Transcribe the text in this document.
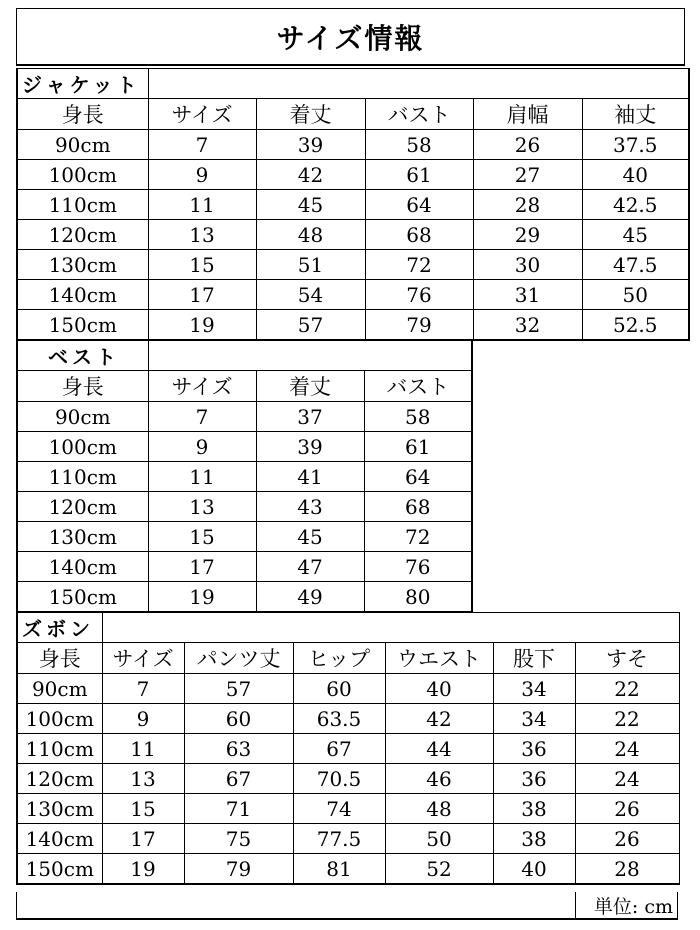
サイズ情報
ジャケット					
身長	サイズ	着丈	バスト	肩幅	袖丈
90cm	7	39	58	26	37.5
100cm	9	42	61	27	40
110cm	11	45	64	28	42.5
120cm	13	48	68	29	45
130cm	15	51	72	30	47.5
140cm	17	54	76	31	50
150cm	19	57	79	32	52.5
ベスト			
身長	サイズ	着丈	バスト
90cm	7	37	58
100cm	9	39	61
110cm	11	41	64
120cm	13	43	68
130cm	15	45	72
140cm	17	47	76
150cm	19	49	80
ズボン						
身長	サイズ	パンツ丈	ヒップ	ウエスト	股下	すそ
90cm	7	57	60	40	34	22
100cm	9	60	63.5	42	34	22
110cm	11	63	67	44	36	24
120cm	13	67	70.5	46	36	24
130cm	15	71	74	48	38	26
140cm	17	75	77.5	50	38	26
150cm	19	79	81	52	40	28
単位: cm
